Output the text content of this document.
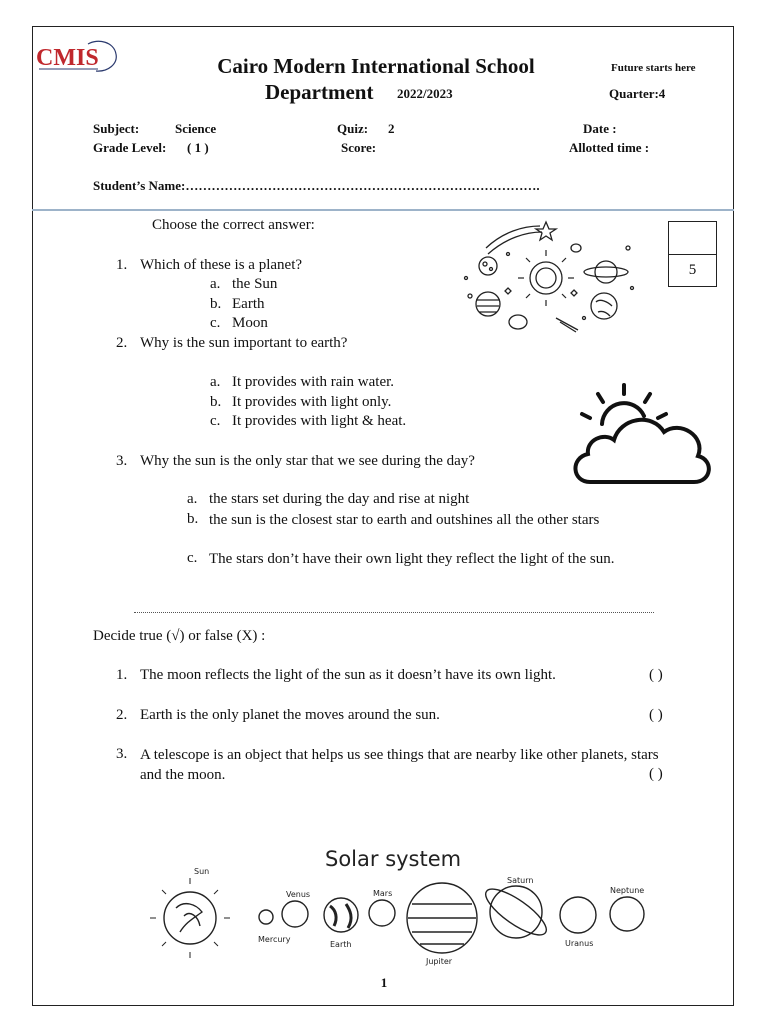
CMIS	Cairo Modern International School
Department 2022/2023
Future starts here
Quarter:4
Subject:	Science	Quiz: 2	Date :
Grade Level: ( 1 )	Score:	Allotted time :
Student’s Name:……………………………………………………………………….
5
Choose the correct answer:
1. Which of these is a planet?
a. the Sun
b. Earth
c. Moon
2. Why is the sun important to earth?
a. It provides with rain water.
b. It provides with light only.
c. It provides with light & heat.
3. Why the sun is the only star that we see during the day?
a. the stars set during the day and rise at night
b. the sun is the closest star to earth and outshines all the other stars
c. The stars don’t have their own light they reflect the light of the sun.
Decide true (√) or false (X) :
1. The moon reflects the light of the sun as it doesn’t have its own light.	( )
2. Earth is the only planet the moves around the sun.	( )
3. A telescope is an object that helps us see things that are nearby like other planets, stars and the moon.	( )
Solar system
Sun
Mercury
Venus
Earth
Mars
Jupiter
Saturn
Uranus
Neptune
1
